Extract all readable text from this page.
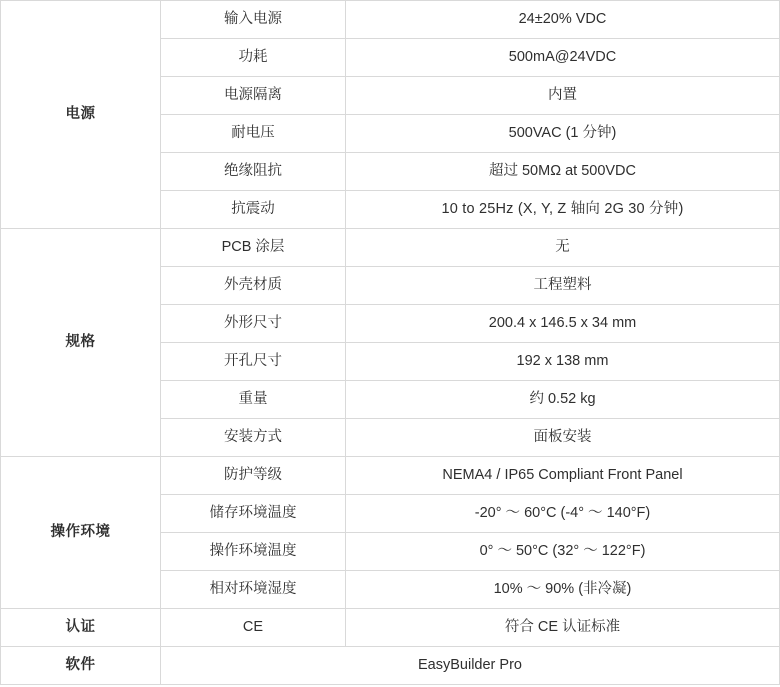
电源	输入电源	24±20% VDC
	功耗	500mA@24VDC
	电源隔离	内置
	耐电压	500VAC (1 分钟)
	绝缘阻抗	超过 50MΩ at 500VDC
	抗震动	10 to 25Hz (X, Y, Z 轴向 2G 30 分钟)
规格	PCB 涂层	无
	外壳材质	工程塑料
	外形尺寸	200.4 x 146.5 x 34 mm
	开孔尺寸	192 x 138 mm
	重量	约 0.52 kg
	安装方式	面板安装
操作环境	防护等级	NEMA4 / IP65 Compliant Front Panel
	储存环境温度	-20° ～ 60°C (-4° ～ 140°F)
	操作环境温度	0° ～ 50°C (32° ～ 122°F)
	相对环境湿度	10% ～ 90% (非冷凝)
认证	CE	符合 CE 认证标准
软件	EasyBuilder Pro	
